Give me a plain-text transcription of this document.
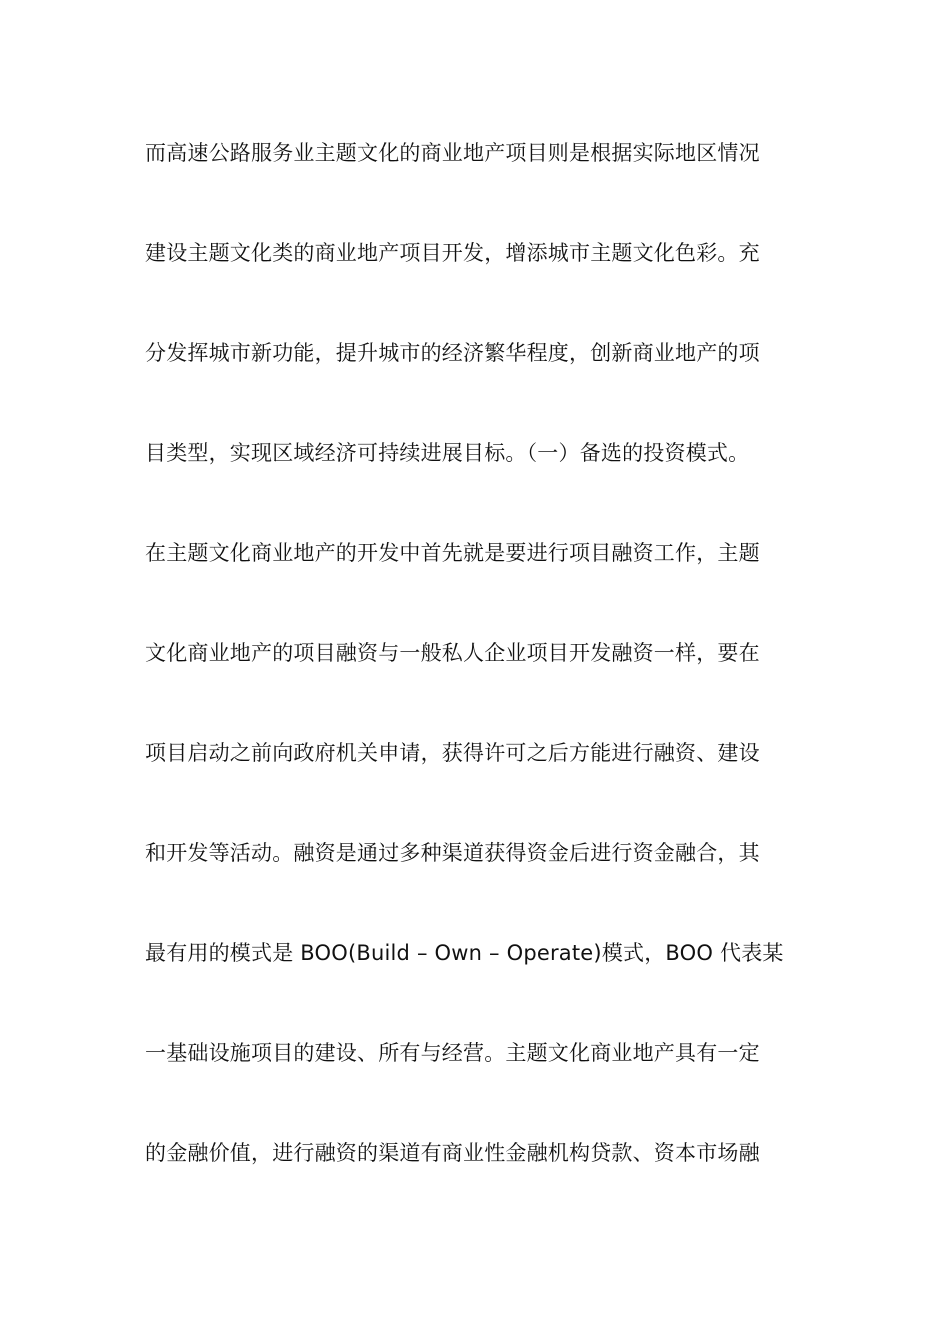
而高速公路服务业主题文化的商业地产项目则是根据实际地区情况
建设主题文化类的商业地产项目开发，增添城市主题文化色彩。充
分发挥城市新功能，提升城市的经济繁华程度，创新商业地产的项
目类型，实现区域经济可持续进展目标。（一）备选的投资模式。
在主题文化商业地产的开发中首先就是要进行项目融资工作，主题
文化商业地产的项目融资与一般私人企业项目开发融资一样，要在
项目启动之前向政府机关申请，获得许可之后方能进行融资、建设
和开发等活动。融资是通过多种渠道获得资金后进行资金融合，其
最有用的模式是 BOO(Build – Own – Operate)模式，BOO 代表某
一基础设施项目的建设、所有与经营。主题文化商业地产具有一定
的金融价值，进行融资的渠道有商业性金融机构贷款、资本市场融
